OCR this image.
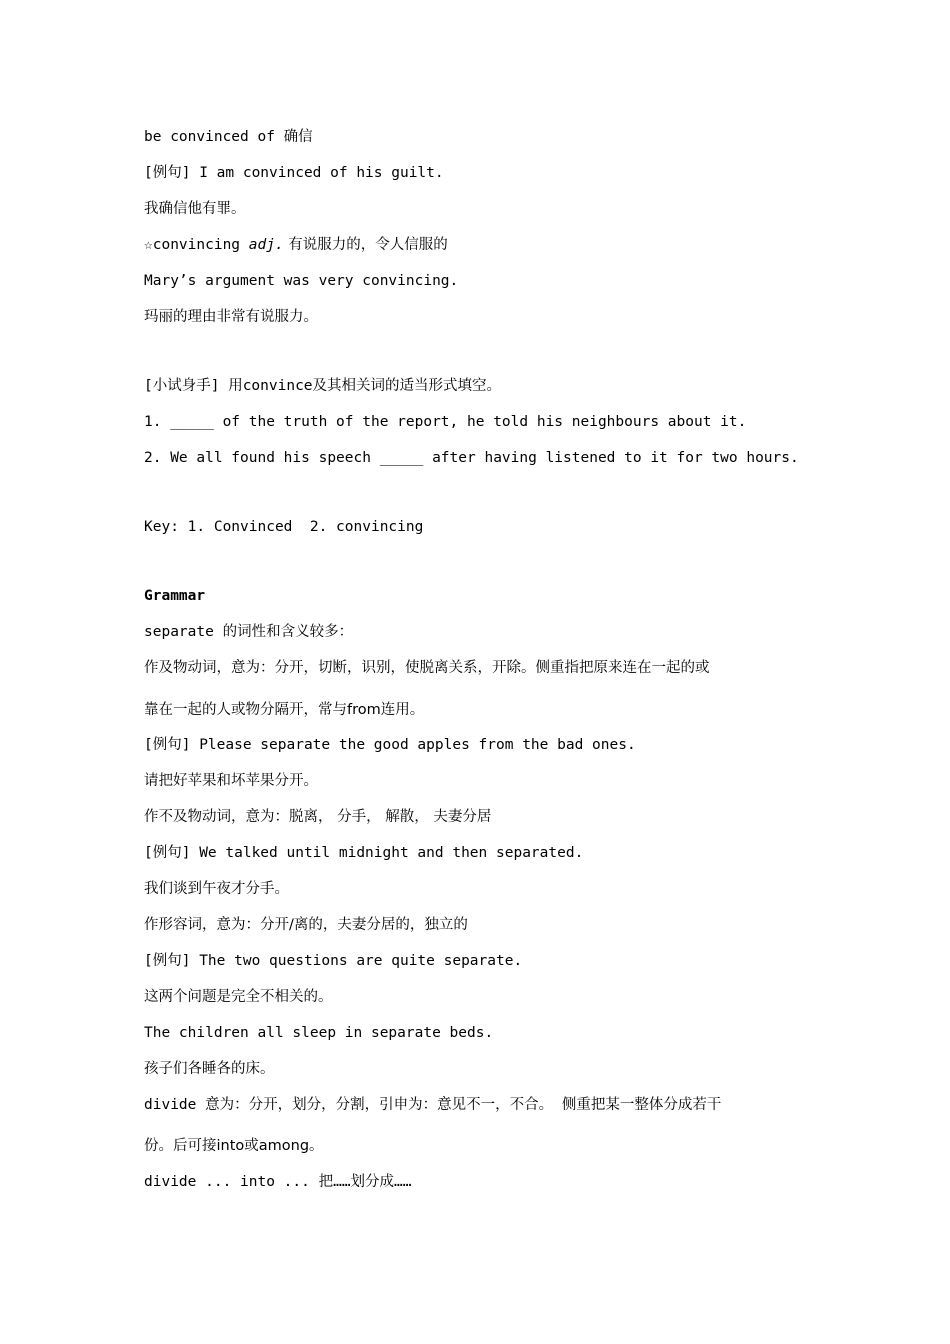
be convinced of 确信
[例句] I am convinced of his guilt.
我确信他有罪。
☆convincing adj. 有说服力的，令人信服的
Mary’s argument was very convincing.
玛丽的理由非常有说服力。
[小试身手] 用convince及其相关词的适当形式填空。
1. _____ of the truth of the report, he told his neighbours about it.
2. We all found his speech _____ after having listened to it for two hours.
Key: 1. Convinced  2. convincing
Grammar
separate 的词性和含义较多：
作及物动词，意为：分开，切断，识别，使脱离关系，开除。侧重指把原来连在一起的或
靠在一起的人或物分隔开，常与from连用。
[例句] Please separate the good apples from the bad ones.
请把好苹果和坏苹果分开。
作不及物动词，意为：脱离， 分手， 解散， 夫妻分居
[例句] We talked until midnight and then separated.
我们谈到午夜才分手。
作形容词，意为：分开/离的，夫妻分居的，独立的
[例句] The two questions are quite separate.
这两个问题是完全不相关的。
The children all sleep in separate beds.
孩子们各睡各的床。
divide 意为：分开，划分，分割，引申为：意见不一，不合。 侧重把某一整体分成若干
份。后可接into或among。
divide ... into ... 把……划分成……
